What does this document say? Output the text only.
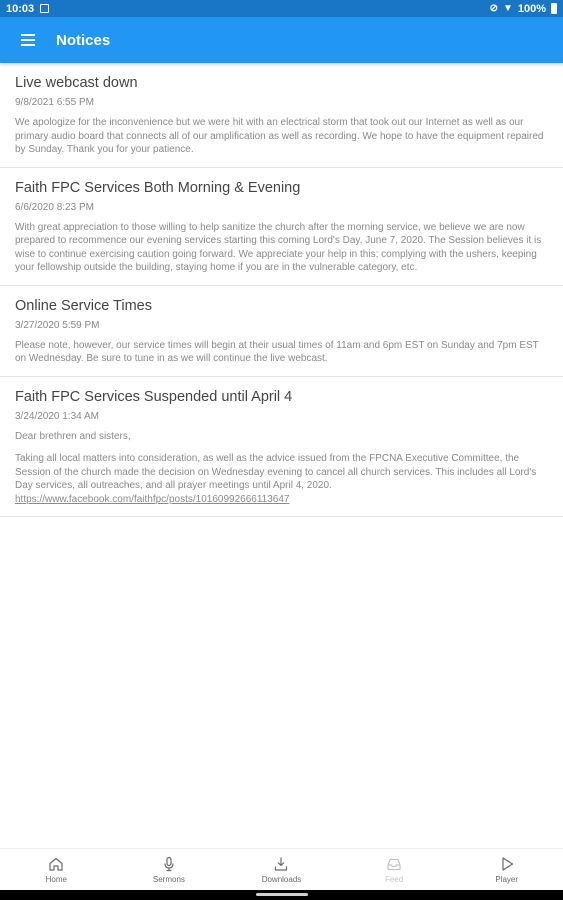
10:03	⊘ ▼ 100%
Notices
Live webcast down
9/8/2021 6:55 PM

We apologize for the inconvenience but we were hit with an electrical storm that took out our Internet as well as our primary audio board that connects all of our amplification as well as recording. We hope to have the equipment repaired by Sunday. Thank you for your patience.

Faith FPC Services Both Morning & Evening
6/6/2020 8:23 PM

With great appreciation to those willing to help sanitize the church after the morning service, we believe we are now prepared to recommence our evening services starting this coming Lord's Day, June 7, 2020. The Session believes it is wise to continue exercising caution going forward. We appreciate your help in this; complying with the ushers, keeping your fellowship outside the building, staying home if you are in the vulnerable category, etc.

Online Service Times
3/27/2020 5:59 PM

Please note, however, our service times will begin at their usual times of 11am and 6pm EST on Sunday and 7pm EST on Wednesday. Be sure to tune in as we will continue the live webcast.

Faith FPC Services Suspended until April 4
3/24/2020 1:34 AM

Dear brethren and sisters,

Taking all local matters into consideration, as well as the advice issued from the FPCNA Executive Committee, the Session of the church made the decision on Wednesday evening to cancel all church services. This includes all Lord's Day services, all outreaches, and all prayer meetings until April 4, 2020.

https://www.facebook.com/faithfpc/posts/10160992666113647
Home	Sermons	Downloads	Feed	Player
